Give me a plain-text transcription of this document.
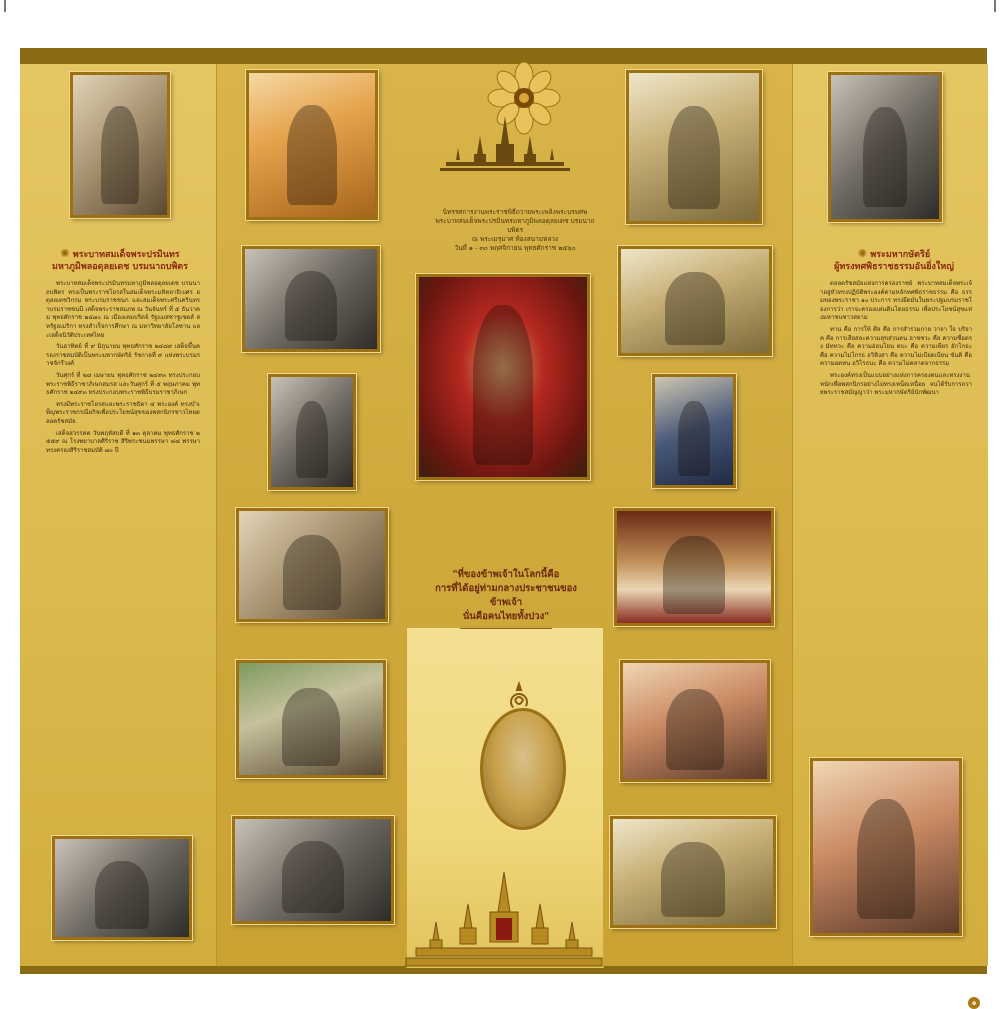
✺ พระบาทสมเด็จพระปรมินทร
มหาภูมิพลอดุลยเดช บรมนาถบพิตร

พระบาทสมเด็จพระปรมินทรมหาภูมิพลอดุลยเดช บรมนาถบพิตร ทรงเป็นพระราชโอรสในสมเด็จพระมหิตลาธิเบศร อดุลยเดชวิกรม พระบรมราชชนก และสมเด็จพระศรีนครินทราบรมราชชนนี เสด็จพระราชสมภพ ณ วันจันทร์ ที่ ๕ ธันวาคม พุทธศักราช ๒๔๗๐ ณ เมืองเคมบริดจ์ รัฐแมสซาชูเซตส์ สหรัฐอเมริกา ทรงสำเร็จการศึกษา ณ มหาวิทยาลัยโลซาน และเสด็จนิวัติประเทศไทย

วันอาทิตย์ ที่ ๙ มิถุนายน พุทธศักราช ๒๔๘๙ เสด็จขึ้นครองราชสมบัติเป็นพระมหากษัตริย์ รัชกาลที่ ๙ แห่งพระบรมราชจักรีวงศ์

วันศุกร์ ที่ ๒๘ เมษายน พุทธศักราช ๒๔๙๓ ทรงประกอบพระราชพิธีราชาภิเษกสมรส และวันศุกร์ ที่ ๕ พฤษภาคม พุทธศักราช ๒๔๙๓ ทรงประกอบพระราชพิธีบรมราชาภิเษก

ทรงมีพระราชโอรสและพระราชธิดา ๔ พระองค์ ทรงบำเพ็ญพระราชกรณียกิจเพื่อประโยชน์สุขของพสกนิกรชาวไทยตลอดรัชสมัย

เสด็จสวรรคต วันพฤหัสบดี ที่ ๑๓ ตุลาคม พุทธศักราช ๒๕๕๙ ณ โรงพยาบาลศิริราช สิริพระชนมพรรษา ๘๘ พรรษา ทรงครองสิริราชสมบัติ ๗๐ ปี

นิทรรศการงานพระราชพิธีถวายพระเพลิงพระบรมศพ
พระบาทสมเด็จพระปรมินทรมหาภูมิพลอดุลยเดช บรมนาถบพิตร
ณ พระเมรุมาศ ท้องสนามหลวง
วันที่ ๑ - ๓๐ พฤศจิกายน พุทธศักราช ๒๕๖๐
"ที่ของข้าพเจ้าในโลกนี้คือ
การที่ได้อยู่ท่ามกลางประชาชนของข้าพเจ้า
นั่นคือคนไทยทั้งปวง"
✺ พระมหากษัตริย์
ผู้ทรงทศพิธราชธรรมอันยิ่งใหญ่

ตลอดรัชสมัยแห่งการครองราชย์ พระบาทสมเด็จพระเจ้าอยู่หัวทรงปฏิบัติพระองค์ตามหลักทศพิธราชธรรม คือ ธรรมของพระราชา ๑๐ ประการ ทรงยึดมั่นในพระปฐมบรมราชโองการว่า เราจะครองแผ่นดินโดยธรรม เพื่อประโยชน์สุขแห่งมหาชนชาวสยาม

ทาน คือ การให้ ศีล คือ การสำรวมกาย วาจา ใจ บริจาค คือ การเสียสละความสุขส่วนตน อาชชวะ คือ ความซื่อตรง มัททวะ คือ ความอ่อนโยน ตบะ คือ ความเพียร อักโกธะ คือ ความไม่โกรธ อวิหิงสา คือ ความไม่เบียดเบียน ขันติ คือ ความอดทน อวิโรธนะ คือ ความไม่คลาดจากธรรม

พระองค์ทรงเป็นแบบอย่างแห่งการครองตนและทรงงานหนักเพื่อพสกนิกรอย่างไม่ทรงเหน็ดเหนื่อย จนได้รับการถวายพระราชสมัญญาว่า พระมหากษัตริย์นักพัฒนา

๑
